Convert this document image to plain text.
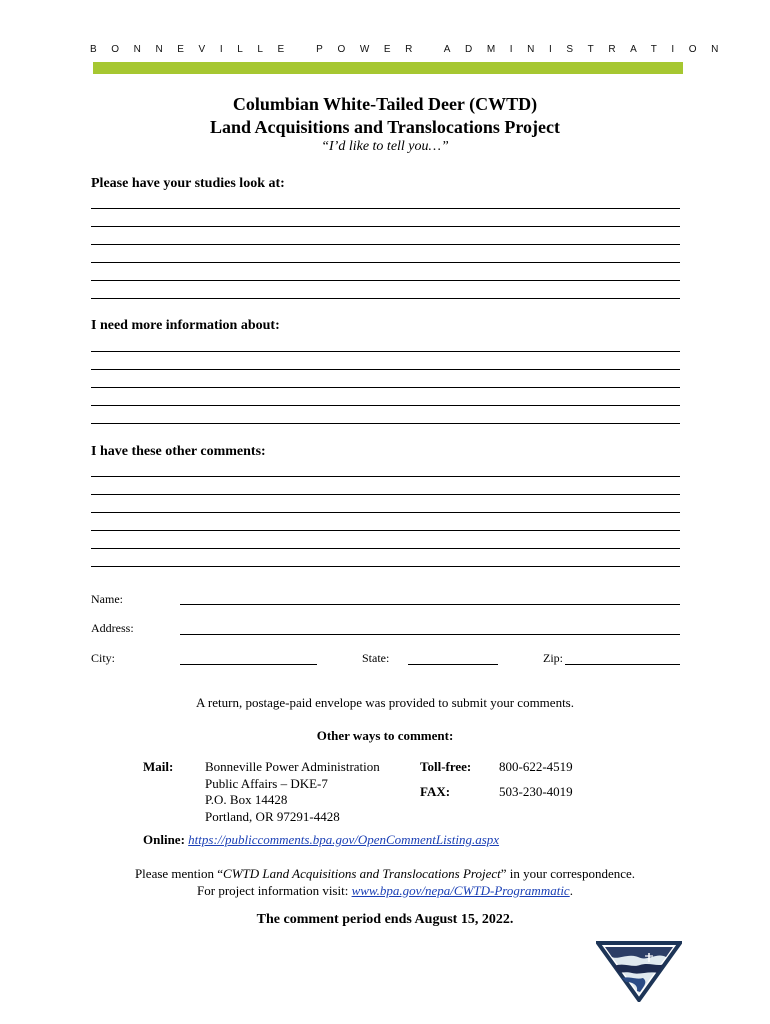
BONNEVILLE POWER ADMINISTRATION
Columbian White-Tailed Deer (CWTD)
Land Acquisitions and Translocations Project
“I’d like to tell you…”
Please have your studies look at:
I need more information about:
I have these other comments:
Name:
Address:
City:	State:	Zip:
A return, postage-paid envelope was provided to submit your comments.
Other ways to comment:
Mail: Bonneville Power Administration
Public Affairs – DKE-7
P.O. Box 14428
Portland, OR 97291-4428
Toll-free: 800-622-4519
FAX:	503-230-4019
Online: https://publiccomments.bpa.gov/OpenCommentListing.aspx
Please mention “CWTD Land Acquisitions and Translocations Project” in your correspondence.
For project information visit: www.bpa.gov/nepa/CWTD-Programmatic.
The comment period ends August 15, 2022.
